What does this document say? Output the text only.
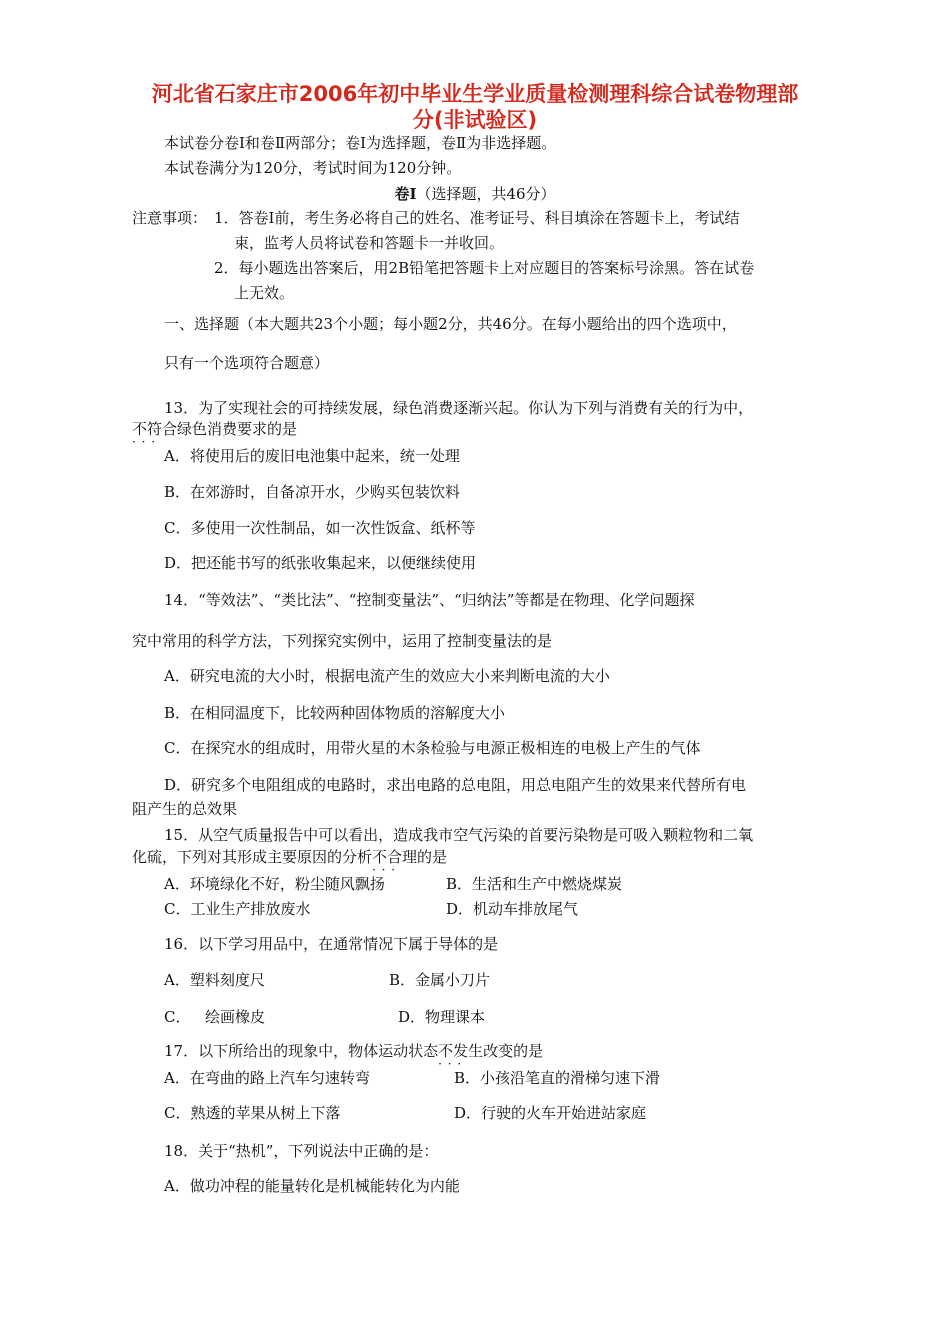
河北省石家庄市2006年初中毕业生学业质量检测理科综合试卷物理部
分(非试验区)
本试卷分卷Ⅰ和卷Ⅱ两部分；卷Ⅰ为选择题，卷Ⅱ为非选择题。
本试卷满分为120分，考试时间为120分钟。
卷Ⅰ（选择题，共46分）
注意事项： 1．答卷Ⅰ前，考生务必将自己的姓名、准考证号、科目填涂在答题卡上，考试结
束，监考人员将试卷和答题卡一并收回。
2．每小题选出答案后，用2B铅笔把答题卡上对应题目的答案标号涂黑。答在试卷
上无效。
一、选择题（本大题共23个小题；每小题2分，共46分。在每小题给出的四个选项中，
只有一个选项符合题意）
13．为了实现社会的可持续发展，绿色消费逐渐兴起。你认为下列与消费有关的行为中，
不符合 · · ·绿色消费要求的是
A．将使用后的废旧电池集中起来，统一处理
B．在郊游时，自备凉开水，少购买包装饮料
C．多使用一次性制品，如一次性饭盒、纸杯等
D．把还能书写的纸张收集起来，以便继续使用
14．“等效法”、“类比法”、“控制变量法”、“归纳法”等都是在物理、化学问题探
究中常用的科学方法，下列探究实例中，运用了控制变量法的是
A．研究电流的大小时，根据电流产生的效应大小来判断电流的大小
B．在相同温度下，比较两种固体物质的溶解度大小
C．在探究水的组成时，用带火星的木条检验与电源正极相连的电极上产生的气体
D．研究多个电阻组成的电路时，求出电路的总电阻，用总电阻产生的效果来代替所有电
阻产生的总效果
15．从空气质量报告中可以看出，造成我市空气污染的首要污染物是可吸入颗粒物和二氧
化硫，下列对其形成主要原因的分析不合理 · · ·的是
A．环境绿化不好，粉尘随风飘扬	B．生活和生产中燃烧煤炭
C．工业生产排放废水	D．机动车排放尾气
16．以下学习用品中，在通常情况下属于导体的是
A．塑料刻度尺	B．金属小刀片
C． 绘画橡皮	D．物理课本
17．以下所给出的现象中，物体运动状态不发生 · · ·改变的是
A．在弯曲的路上汽车匀速转弯	B．小孩沿笔直的滑梯匀速下滑
C．熟透的苹果从树上下落	D．行驶的火车开始进站家庭
18．关于“热机”，下列说法中正确的是：
A．做功冲程的能量转化是机械能转化为内能
